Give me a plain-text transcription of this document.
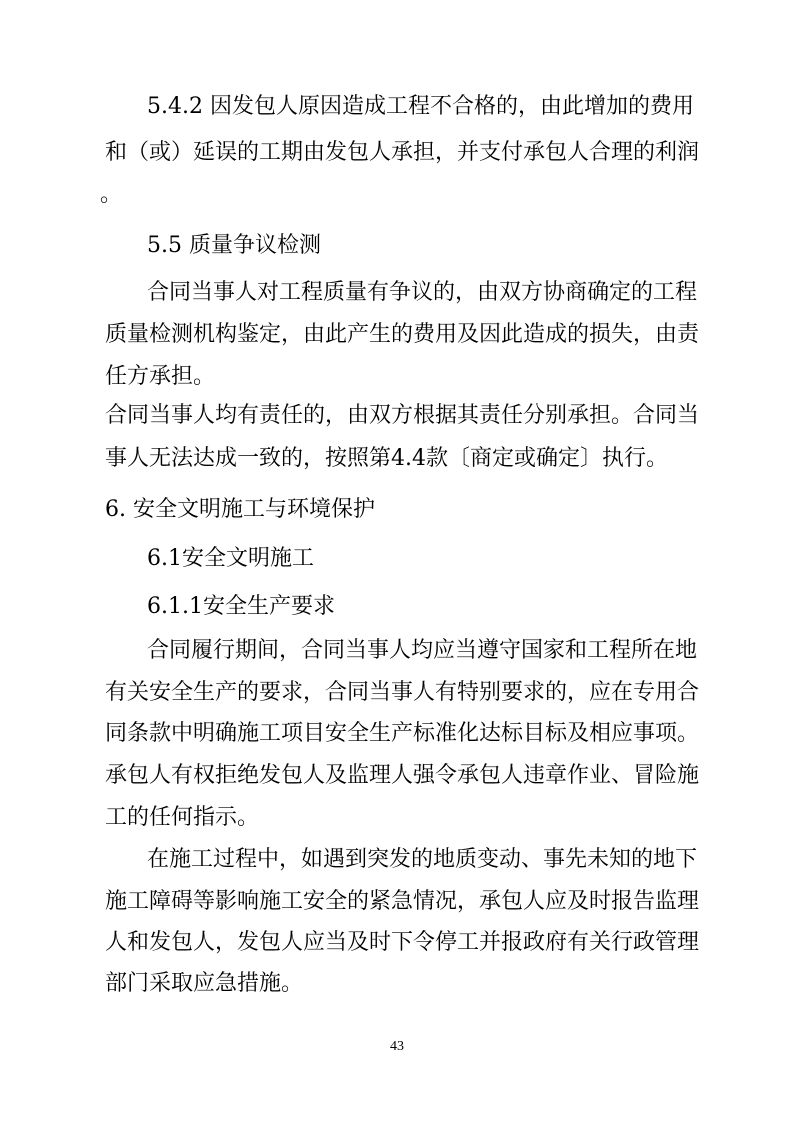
5.4.2 因发包人原因造成工程不合格的，由此增加的费用
和（或）延误的工期由发包人承担，并支付承包人合理的利润
。
5.5 质量争议检测
合同当事人对工程质量有争议的，由双方协商确定的工程
质量检测机构鉴定，由此产生的费用及因此造成的损失，由责
任方承担。
合同当事人均有责任的，由双方根据其责任分别承担。合同当
事人无法达成一致的，按照第4.4款〔商定或确定〕执行。
6. 安全文明施工与环境保护
6.1安全文明施工
6.1.1安全生产要求
合同履行期间，合同当事人均应当遵守国家和工程所在地
有关安全生产的要求，合同当事人有特别要求的，应在专用合
同条款中明确施工项目安全生产标准化达标目标及相应事项。
承包人有权拒绝发包人及监理人强令承包人违章作业、冒险施
工的任何指示。
在施工过程中，如遇到突发的地质变动、事先未知的地下
施工障碍等影响施工安全的紧急情况，承包人应及时报告监理
人和发包人，发包人应当及时下令停工并报政府有关行政管理
部门采取应急措施。
43
